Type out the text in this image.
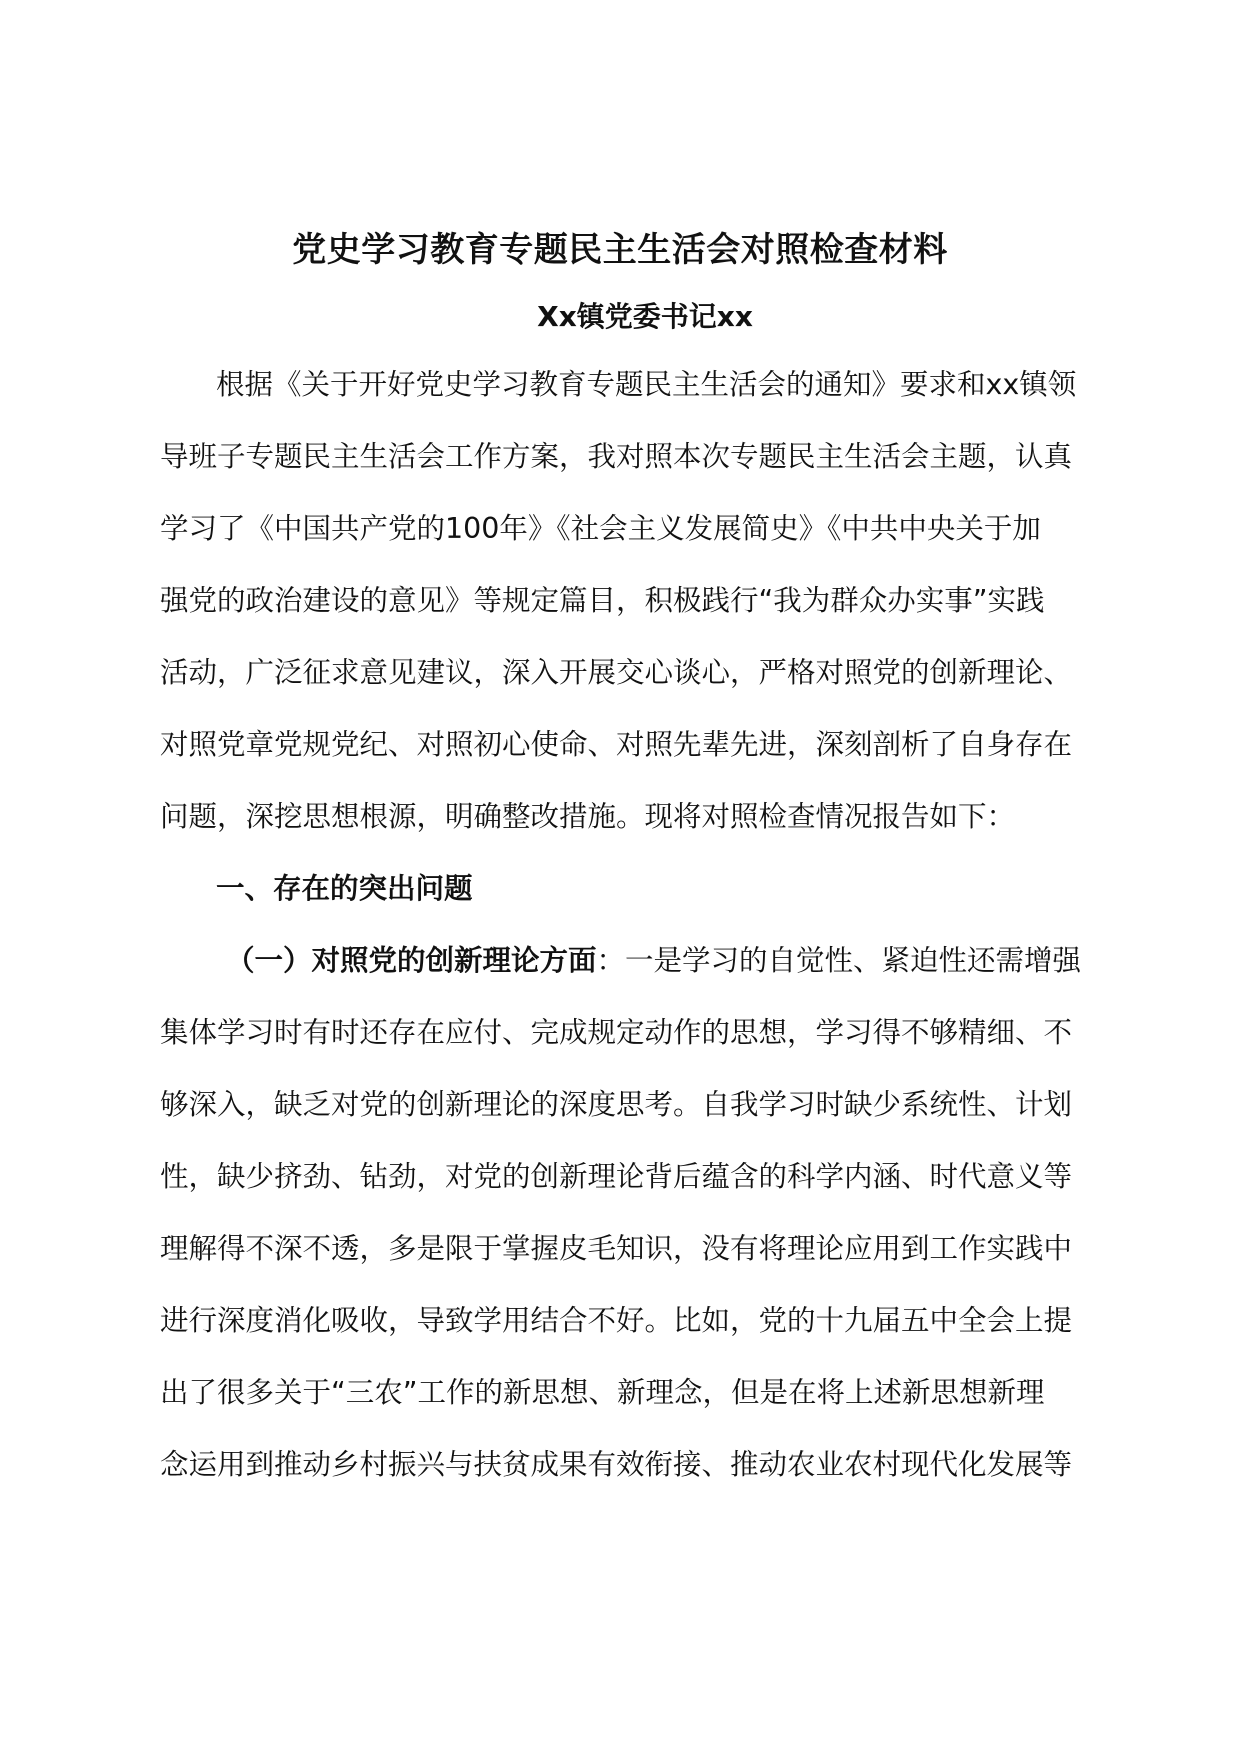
党史学习教育专题民主生活会对照检查材料
Xx镇党委书记xx
根据《关于开好党史学习教育专题民主生活会的通知》要求和xx镇领
导班子专题民主生活会工作方案，我对照本次专题民主生活会主题，认真
学习了《中国共产党的100年》《社会主义发展简史》《中共中央关于加
强党的政治建设的意见》等规定篇目，积极践行“我为群众办实事”实践
活动，广泛征求意见建议，深入开展交心谈心，严格对照党的创新理论、
对照党章党规党纪、对照初心使命、对照先辈先进，深刻剖析了自身存在
问题，深挖思想根源，明确整改措施。现将对照检查情况报告如下：
一、存在的突出问题
（一）对照党的创新理论方面：一是学习的自觉性、紧迫性还需增强
集体学习时有时还存在应付、完成规定动作的思想，学习得不够精细、不
够深入，缺乏对党的创新理论的深度思考。自我学习时缺少系统性、计划
性，缺少挤劲、钻劲，对党的创新理论背后蕴含的科学内涵、时代意义等
理解得不深不透，多是限于掌握皮毛知识，没有将理论应用到工作实践中
进行深度消化吸收，导致学用结合不好。比如，党的十九届五中全会上提
出了很多关于“三农”工作的新思想、新理念，但是在将上述新思想新理
念运用到推动乡村振兴与扶贫成果有效衔接、推动农业农村现代化发展等
